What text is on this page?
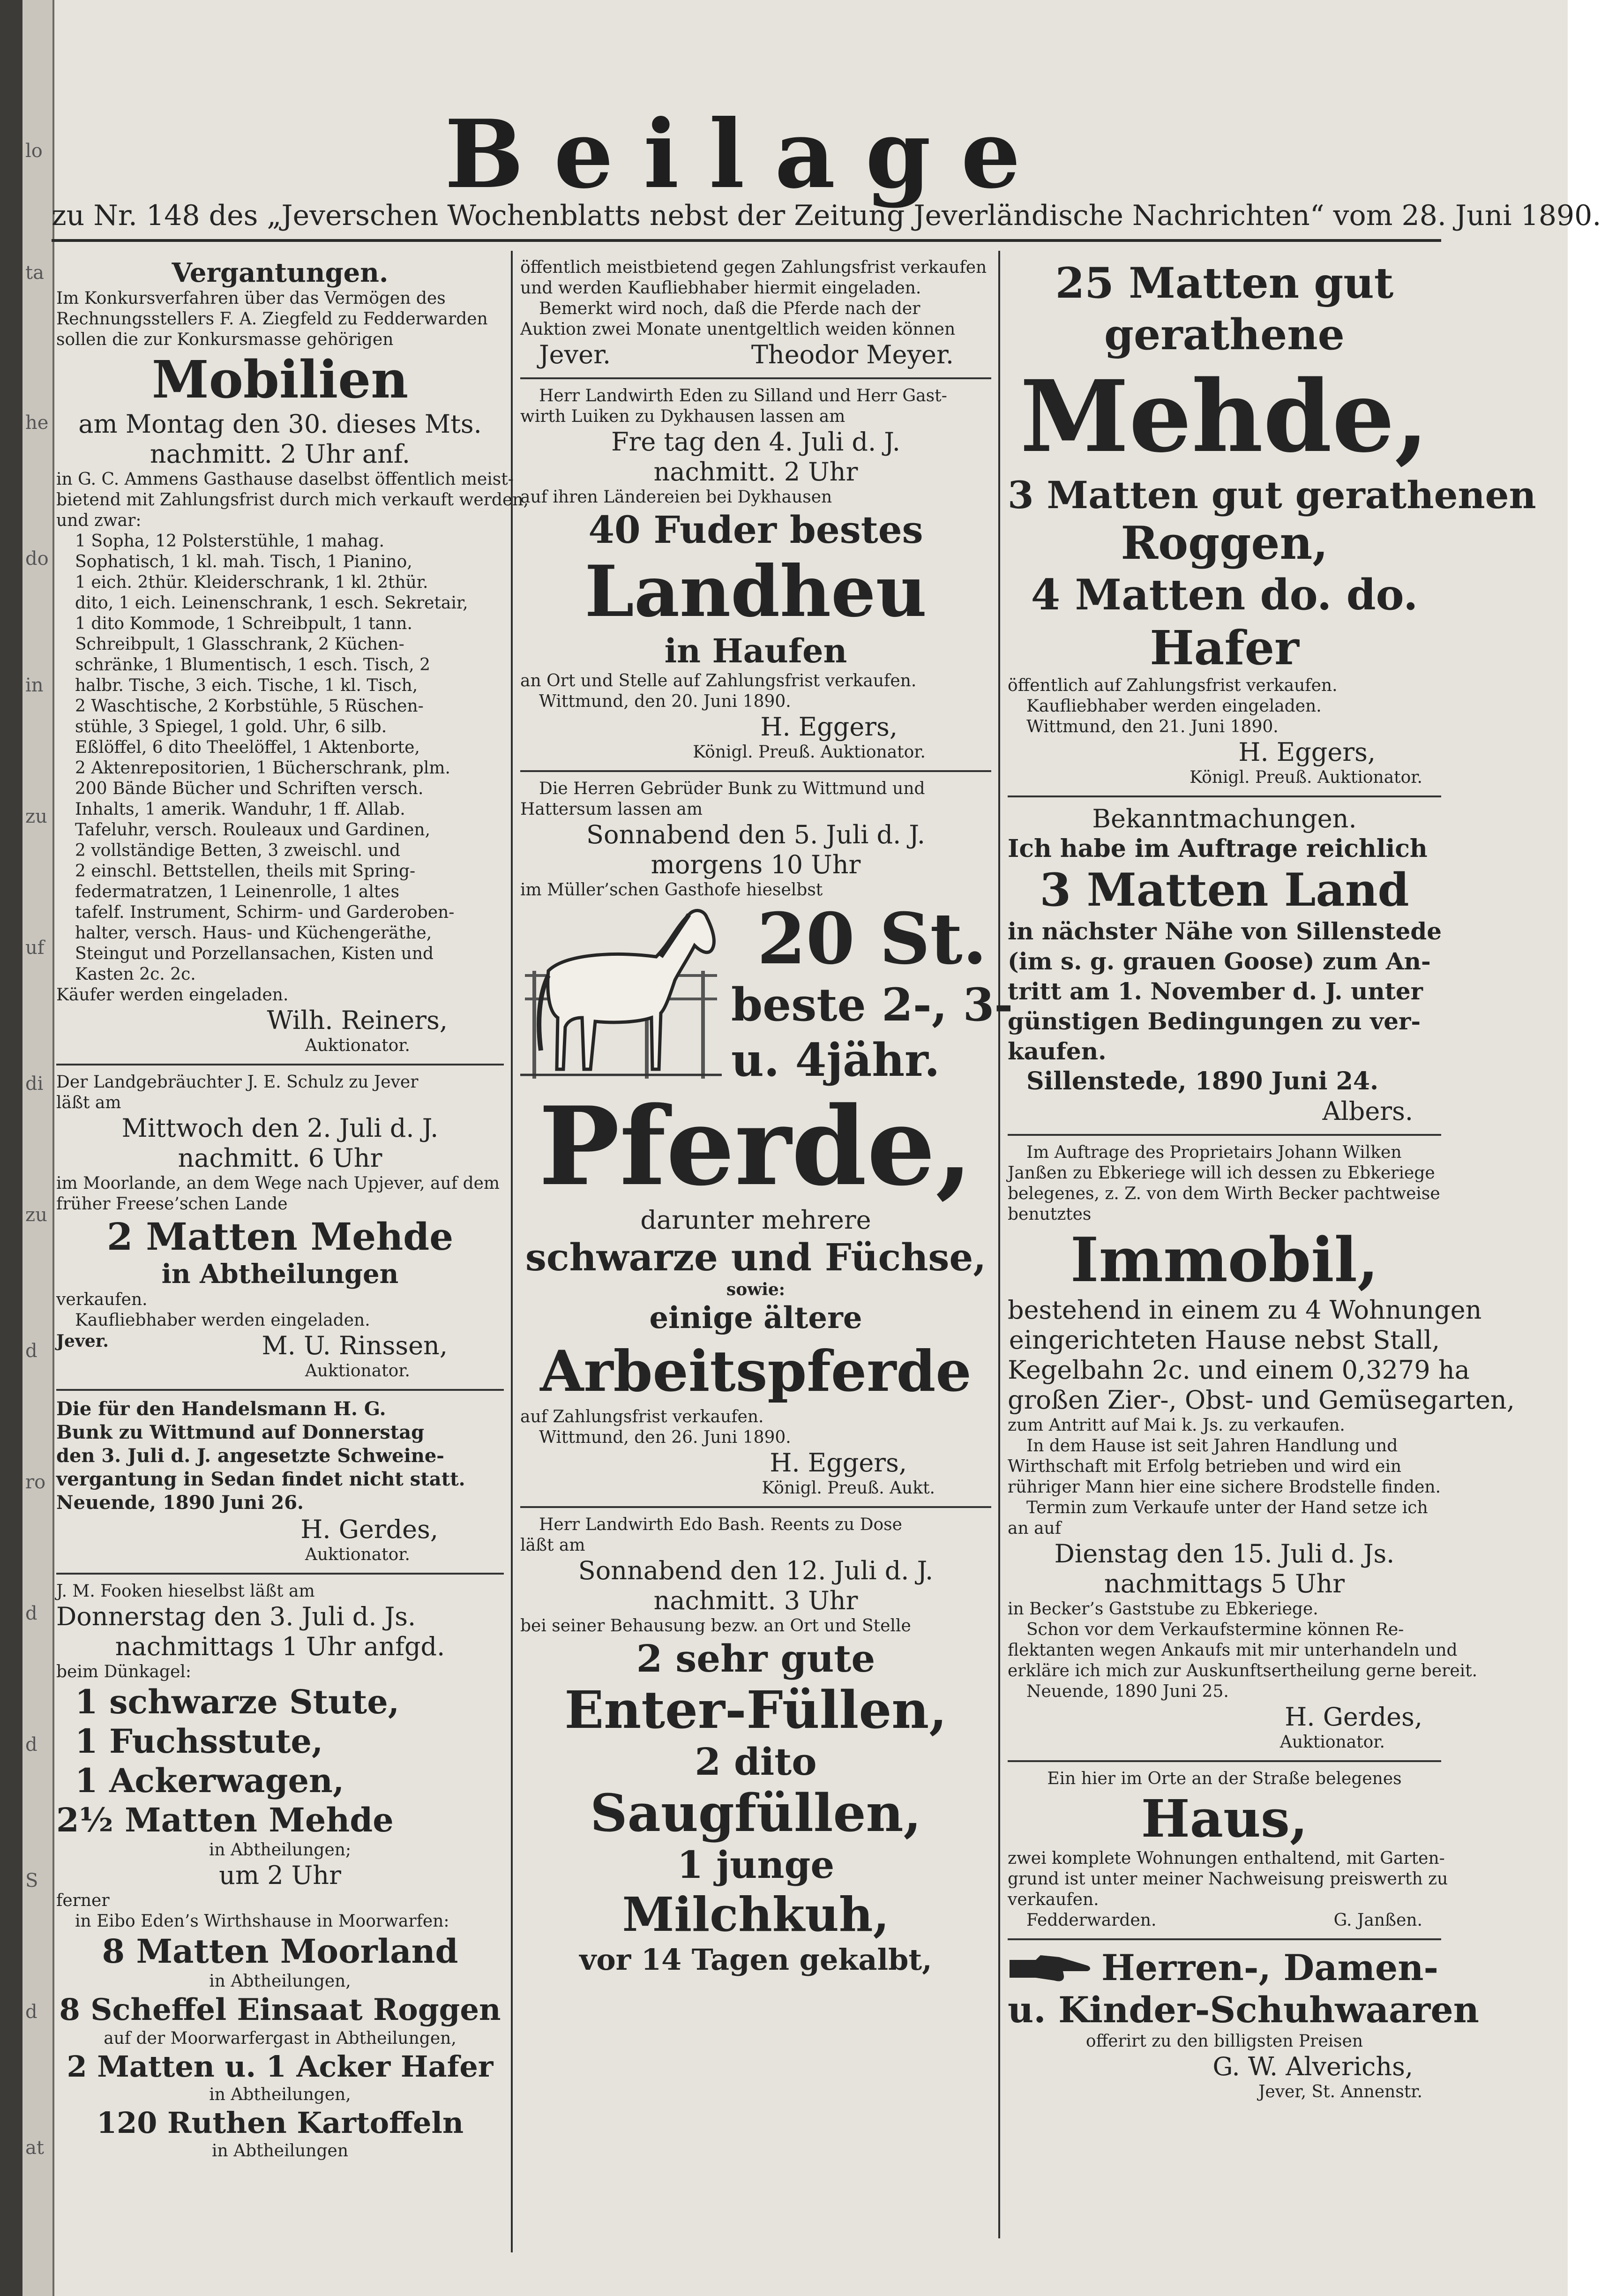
lo
ta
he
do
in
zu
uf
di
zu
d
ro
d
d
S
d
at
Beilage
zu Nr. 148 des „Jeverschen Wochenblatts nebst der Zeitung Jeverländische Nachrichten“ vom 28. Juni 1890.
Vergantungen.
Im Konkursverfahren über das Vermögen des
Rechnungsstellers F. A. Ziegfeld zu Fedderwarden
sollen die zur Konkursmasse gehörigen
Mobilien
am Montag den 30. dieses Mts.
nachmitt. 2 Uhr anf.
in G. C. Ammens Gasthause daselbst öffentlich meist-
bietend mit Zahlungsfrist durch mich verkauft werden,
und zwar:
1 Sopha, 12 Polsterstühle, 1 mahag.
Sophatisch, 1 kl. mah. Tisch, 1 Pianino,
1 eich. 2thür. Kleiderschrank, 1 kl. 2thür.
dito, 1 eich. Leinenschrank, 1 esch. Sekretair,
1 dito Kommode, 1 Schreibpult, 1 tann.
Schreibpult, 1 Glasschrank, 2 Küchen-
schränke, 1 Blumentisch, 1 esch. Tisch, 2
halbr. Tische, 3 eich. Tische, 1 kl. Tisch,
2 Waschtische, 2 Korbstühle, 5 Rüschen-
stühle, 3 Spiegel, 1 gold. Uhr, 6 silb.
Eßlöffel, 6 dito Theelöffel, 1 Aktenborte,
2 Aktenrepositorien, 1 Bücherschrank, plm.
200 Bände Bücher und Schriften versch.
Inhalts, 1 amerik. Wanduhr, 1 ff. Allab.
Tafeluhr, versch. Rouleaux und Gardinen,
2 vollständige Betten, 3 zweischl. und
2 einschl. Bettstellen, theils mit Spring-
federmatratzen, 1 Leinenrolle, 1 altes
tafelf. Instrument, Schirm- und Garderoben-
halter, versch. Haus- und Küchengeräthe,
Steingut und Porzellansachen, Kisten und
Kasten 2c. 2c.
Käufer werden eingeladen.
Wilh. Reiners,
Auktionator.
Der Landgebräuchter J. E. Schulz zu Jever
läßt am
Mittwoch den 2. Juli d. J.
nachmitt. 6 Uhr
im Moorlande, an dem Wege nach Upjever, auf dem
früher Freese’schen Lande
2 Matten Mehde
in Abtheilungen
verkaufen.
Kaufliebhaber werden eingeladen.
Jever.	M. U. Rinssen,
Auktionator.
Die für den Handelsmann H. G.
Bunk zu Wittmund auf Donnerstag
den 3. Juli d. J. angesetzte Schweine-
vergantung in Sedan findet nicht statt.
Neuende, 1890 Juni 26.
H. Gerdes,
Auktionator.
J. M. Fooken hieselbst läßt am
Donnerstag den 3. Juli d. Js.
nachmittags 1 Uhr anfgd.
beim Dünkagel:
1 schwarze Stute,
1 Fuchsstute,
1 Ackerwagen,
2½ Matten Mehde
in Abtheilungen;
um 2 Uhr
ferner
in Eibo Eden’s Wirthshause in Moorwarfen:
8 Matten Moorland
in Abtheilungen,
8 Scheffel Einsaat Roggen
auf der Moorwarfergast in Abtheilungen,
2 Matten u. 1 Acker Hafer
in Abtheilungen,
120 Ruthen Kartoffeln
in Abtheilungen
öffentlich meistbietend gegen Zahlungsfrist verkaufen
und werden Kaufliebhaber hiermit eingeladen.
Bemerkt wird noch, daß die Pferde nach der
Auktion zwei Monate unentgeltlich weiden können
Jever.	Theodor Meyer.
Herr Landwirth Eden zu Silland und Herr Gast-
wirth Luiken zu Dykhausen lassen am
Fre tag den 4. Juli d. J.
nachmitt. 2 Uhr
auf ihren Ländereien bei Dykhausen
40 Fuder bestes
Landheu
in Haufen
an Ort und Stelle auf Zahlungsfrist verkaufen.
Wittmund, den 20. Juni 1890.
H. Eggers,
Königl. Preuß. Auktionator.
Die Herren Gebrüder Bunk zu Wittmund und
Hattersum lassen am
Sonnabend den 5. Juli d. J.
morgens 10 Uhr
im Müller’schen Gasthofe hieselbst
20 St.
beste 2-, 3-
u. 4jähr.
Pferde,
darunter mehrere
schwarze und Füchse,
sowie:
einige ältere
Arbeitspferde
auf Zahlungsfrist verkaufen.
Wittmund, den 26. Juni 1890.
H. Eggers,
Königl. Preuß. Aukt.
Herr Landwirth Edo Bash. Reents zu Dose
läßt am
Sonnabend den 12. Juli d. J.
nachmitt. 3 Uhr
bei seiner Behausung bezw. an Ort und Stelle
2 sehr gute
Enter-Füllen,
2 dito
Saugfüllen,
1 junge
Milchkuh,
vor 14 Tagen gekalbt,
25 Matten gut
gerathene
Mehde,
3 Matten gut gerathenen
Roggen,
4 Matten do. do.
Hafer
öffentlich auf Zahlungsfrist verkaufen.
Kaufliebhaber werden eingeladen.
Wittmund, den 21. Juni 1890.
H. Eggers,
Königl. Preuß. Auktionator.
Bekanntmachungen.
Ich habe im Auftrage reichlich
3 Matten Land
in nächster Nähe von Sillenstede
(im s. g. grauen Goose) zum An-
tritt am 1. November d. J. unter
günstigen Bedingungen zu ver-
kaufen.
Sillenstede, 1890 Juni 24.
Albers.
Im Auftrage des Proprietairs Johann Wilken
Janßen zu Ebkeriege will ich dessen zu Ebkeriege
belegenes, z. Z. von dem Wirth Becker pachtweise
benutztes
Immobil,
bestehend in einem zu 4 Wohnungen
eingerichteten Hause nebst Stall,
Kegelbahn 2c. und einem 0,3279 ha
großen Zier-, Obst- und Gemüsegarten,
zum Antritt auf Mai k. Js. zu verkaufen.
In dem Hause ist seit Jahren Handlung und
Wirthschaft mit Erfolg betrieben und wird ein
rühriger Mann hier eine sichere Brodstelle finden.
Termin zum Verkaufe unter der Hand setze ich
an auf
Dienstag den 15. Juli d. Js.
nachmittags 5 Uhr
in Becker’s Gaststube zu Ebkeriege.
Schon vor dem Verkaufstermine können Re-
flektanten wegen Ankaufs mit mir unterhandeln und
erkläre ich mich zur Auskunftsertheilung gerne bereit.
Neuende, 1890 Juni 25.
H. Gerdes,
Auktionator.
Ein hier im Orte an der Straße belegenes
Haus,
zwei komplete Wohnungen enthaltend, mit Garten-
grund ist unter meiner Nachweisung preiswerth zu
verkaufen.
Fedderwarden.	G. Janßen.
Herren-, Damen-
u. Kinder-Schuhwaaren
offerirt zu den billigsten Preisen
G. W. Alverichs,
Jever, St. Annenstr.
